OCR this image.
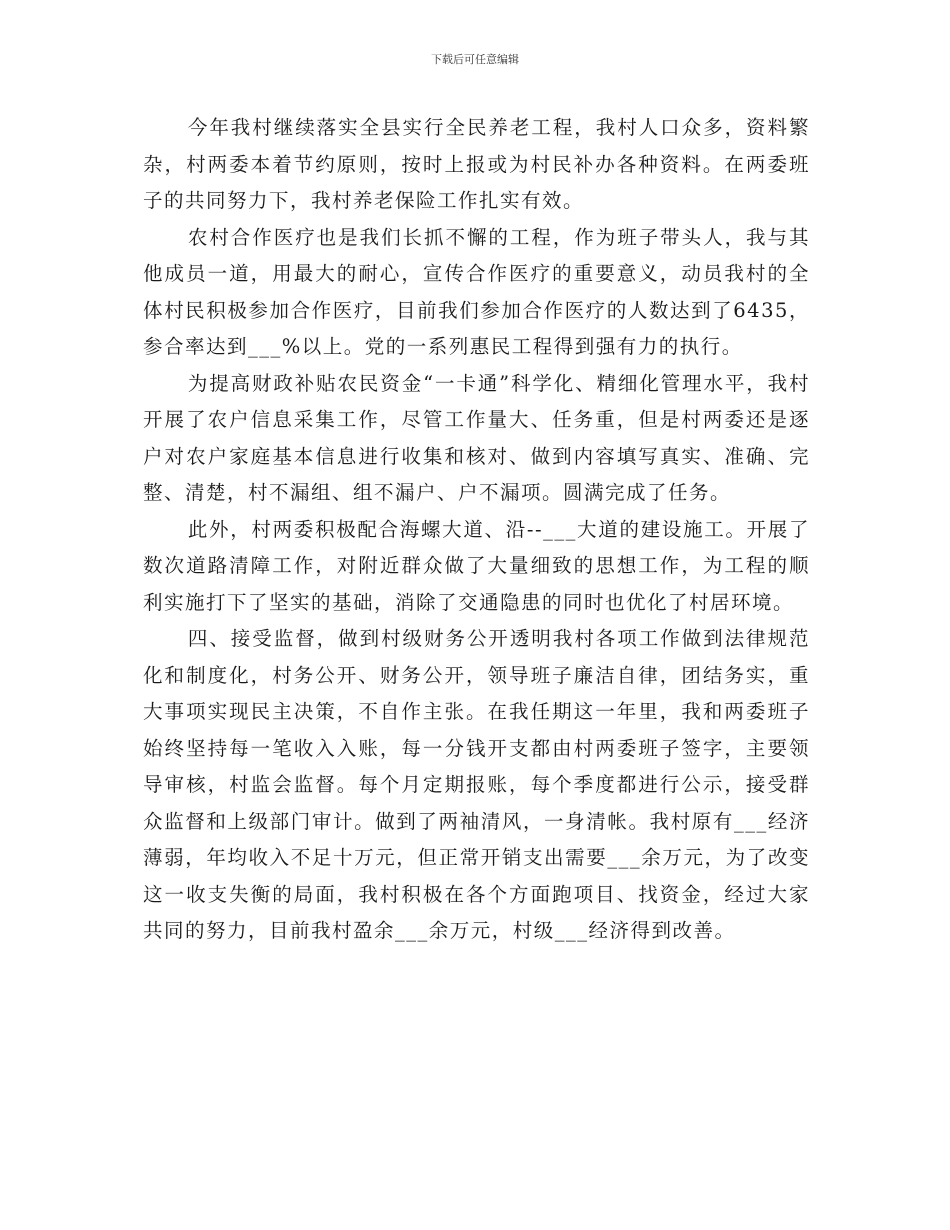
下载后可任意编辑

今年我村继续落实全县实行全民养老工程，我村人口众多，资料繁杂，村两委本着节约原则，按时上报或为村民补办各种资料。在两委班子的共同努力下，我村养老保险工作扎实有效。

农村合作医疗也是我们长抓不懈的工程，作为班子带头人，我与其他成员一道，用最大的耐心，宣传合作医疗的重要意义，动员我村的全体村民积极参加合作医疗，目前我们参加合作医疗的人数达到了6435，参合率达到___%以上。党的一系列惠民工程得到强有力的执行。

为提高财政补贴农民资金“一卡通”科学化、精细化管理水平，我村开展了农户信息采集工作，尽管工作量大、任务重，但是村两委还是逐户对农户家庭基本信息进行收集和核对、做到内容填写真实、准确、完整、清楚，村不漏组、组不漏户、户不漏项。圆满完成了任务。

此外，村两委积极配合海螺大道、沿--___大道的建设施工。开展了数次道路清障工作，对附近群众做了大量细致的思想工作，为工程的顺利实施打下了坚实的基础，消除了交通隐患的同时也优化了村居环境。

四、接受监督，做到村级财务公开透明我村各项工作做到法律规范化和制度化，村务公开、财务公开，领导班子廉洁自律，团结务实，重大事项实现民主决策，不自作主张。在我任期这一年里，我和两委班子始终坚持每一笔收入入账，每一分钱开支都由村两委班子签字，主要领导审核，村监会监督。每个月定期报账，每个季度都进行公示，接受群众监督和上级部门审计。做到了两袖清风，一身清帐。我村原有___经济薄弱，年均收入不足十万元，但正常开销支出需要___余万元，为了改变这一收支失衡的局面，我村积极在各个方面跑项目、找资金，经过大家共同的努力，目前我村盈余___余万元，村级___经济得到改善。
